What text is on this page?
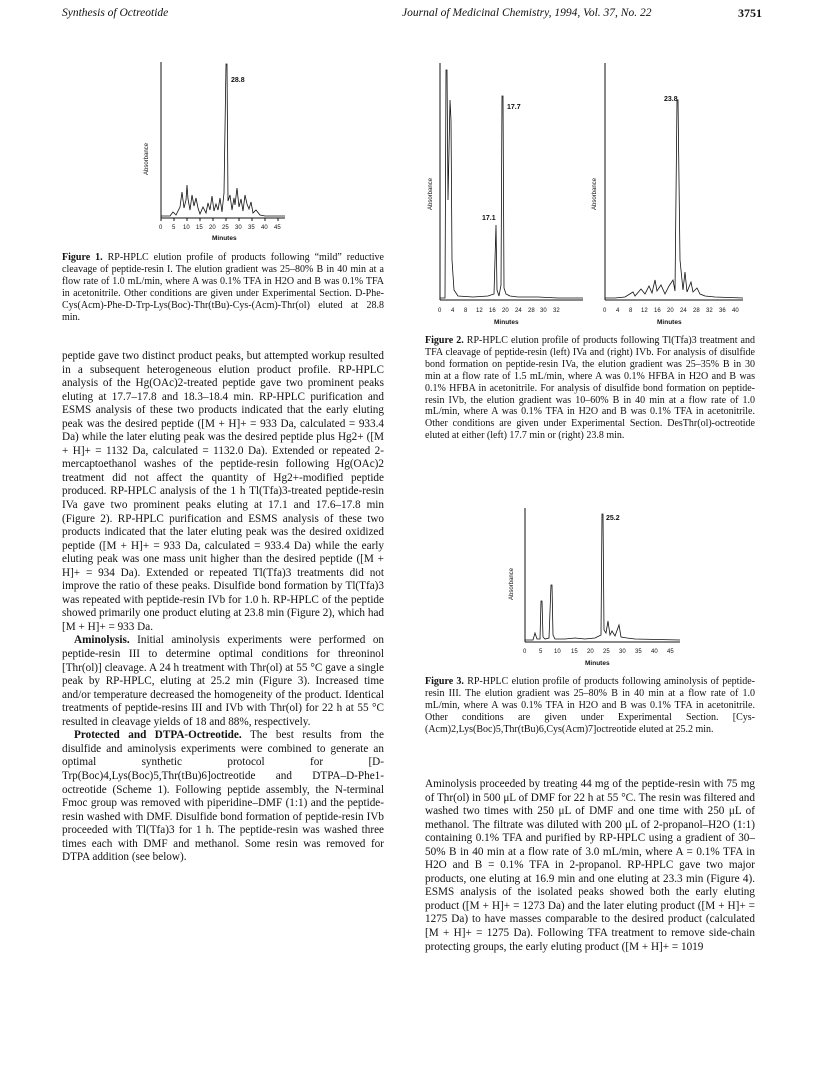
Synthesis of Octreotide	Journal of Medicinal Chemistry, 1994, Vol. 37, No. 22	3751
Absorbance
28.8
0 5 10 15 20 25 30 35 40 45
Minutes
Figure 1. RP-HPLC elution profile of products following “mild” reductive cleavage of peptide-resin I. The elution gradient was 25–80% B in 40 min at a flow rate of 1.0 mL/min, where A was 0.1% TFA in H2O and B was 0.1% TFA in acetonitrile. Other conditions are given under Experimental Section. D-Phe-Cys(Acm)-Phe-D-Trp-Lys(Boc)-Thr(tBu)-Cys-(Acm)-Thr(ol) eluted at 28.8 min.

peptide gave two distinct product peaks, but attempted workup resulted in a subsequent heterogeneous elution product profile. RP-HPLC analysis of the Hg(OAc)2-treated peptide gave two prominent peaks eluting at 17.7–17.8 and 18.3–18.4 min. RP-HPLC purification and ESMS analysis of these two products indicated that the early eluting peak was the desired peptide ([M + H]+ = 933 Da, calculated = 933.4 Da) while the later eluting peak was the desired peptide plus Hg2+ ([M + H]+ = 1132 Da, calculated = 1132.0 Da). Extended or repeated 2-mercaptoethanol washes of the peptide-resin following Hg(OAc)2 treatment did not affect the quantity of Hg2+-modified peptide produced. RP-HPLC analysis of the 1 h Tl(Tfa)3-treated peptide-resin IVa gave two prominent peaks eluting at 17.1 and 17.6–17.8 min (Figure 2). RP-HPLC purification and ESMS analysis of these two products indicated that the later eluting peak was the desired oxidized peptide ([M + H]+ = 933 Da, calculated = 933.4 Da) while the early eluting peak was one mass unit higher than the desired peptide ([M + H]+ = 934 Da). Extended or repeated Tl(Tfa)3 treatments did not improve the ratio of these peaks. Disulfide bond formation by Tl(Tfa)3 was repeated with peptide-resin IVb for 1.0 h. RP-HPLC of the peptide showed primarily one product eluting at 23.8 min (Figure 2), which had [M + H]+ = 933 Da.

Aminolysis. Initial aminolysis experiments were performed on peptide-resin III to determine optimal conditions for threoninol [Thr(ol)] cleavage. A 24 h treatment with Thr(ol) at 55 °C gave a single peak by RP-HPLC, eluting at 25.2 min (Figure 3). Increased time and/or temperature decreased the homogeneity of the product. Identical treatments of peptide-resins III and IVb with Thr(ol) for 22 h at 55 °C resulted in cleavage yields of 18 and 88%, respectively.

Protected and DTPA-Octreotide. The best results from the disulfide and aminolysis experiments were combined to generate an optimal synthetic protocol for [D-Trp(Boc)4,Lys(Boc)5,Thr(tBu)6]octreotide and DTPA–D-Phe1-octreotide (Scheme 1). Following peptide assembly, the N-terminal Fmoc group was removed with piperidine–DMF (1:1) and the peptide-resin washed with DMF. Disulfide bond formation of peptide-resin IVb proceeded with Tl(Tfa)3 for 1 h. The peptide-resin was washed three times each with DMF and methanol. Some resin was removed for DTPA addition (see below).

Absorbance
17.7
17.1
0 4 8 12 16 20 24 28 30 32
Minutes
Absorbance
23.8
0 4 8 12 16 20 24 28 32 36 40
Minutes
Figure 2. RP-HPLC elution profile of products following Tl(Tfa)3 treatment and TFA cleavage of peptide-resin (left) IVa and (right) IVb. For analysis of disulfide bond formation on peptide-resin IVa, the elution gradient was 25–35% B in 30 min at a flow rate of 1.5 mL/min, where A was 0.1% HFBA in H2O and B was 0.1% HFBA in acetonitrile. For analysis of disulfide bond formation on peptide-resin IVb, the elution gradient was 10–60% B in 40 min at a flow rate of 1.0 mL/min, where A was 0.1% TFA in H2O and B was 0.1% TFA in acetonitrile. Other conditions are given under Experimental Section. DesThr(ol)-octreotide eluted at either (left) 17.7 min or (right) 23.8 min.
Absorbance
25.2
0 5 10 15 20 25 30 35 40 45
Minutes
Figure 3. RP-HPLC elution profile of products following aminolysis of peptide-resin III. The elution gradient was 25–80% B in 40 min at a flow rate of 1.0 mL/min, where A was 0.1% TFA in H2O and B was 0.1% TFA in acetonitrile. Other conditions are given under Experimental Section. [Cys-(Acm)2,Lys(Boc)5,Thr(tBu)6,Cys(Acm)7]octreotide eluted at 25.2 min.

Aminolysis proceeded by treating 44 mg of the peptide-resin with 75 mg of Thr(ol) in 500 μL of DMF for 22 h at 55 °C. The resin was filtered and washed two times with 250 μL of DMF and one time with 250 μL of methanol. The filtrate was diluted with 200 μL of 2-propanol–H2O (1:1) containing 0.1% TFA and purified by RP-HPLC using a gradient of 30–50% B in 40 min at a flow rate of 3.0 mL/min, where A = 0.1% TFA in H2O and B = 0.1% TFA in 2-propanol. RP-HPLC gave two major products, one eluting at 16.9 min and one eluting at 23.3 min (Figure 4). ESMS analysis of the isolated peaks showed both the early eluting product ([M + H]+ = 1273 Da) and the later eluting product ([M + H]+ = 1275 Da) to have masses comparable to the desired product (calculated [M + H]+ = 1275 Da). Following TFA treatment to remove side-chain protecting groups, the early eluting product ([M + H]+ = 1019
